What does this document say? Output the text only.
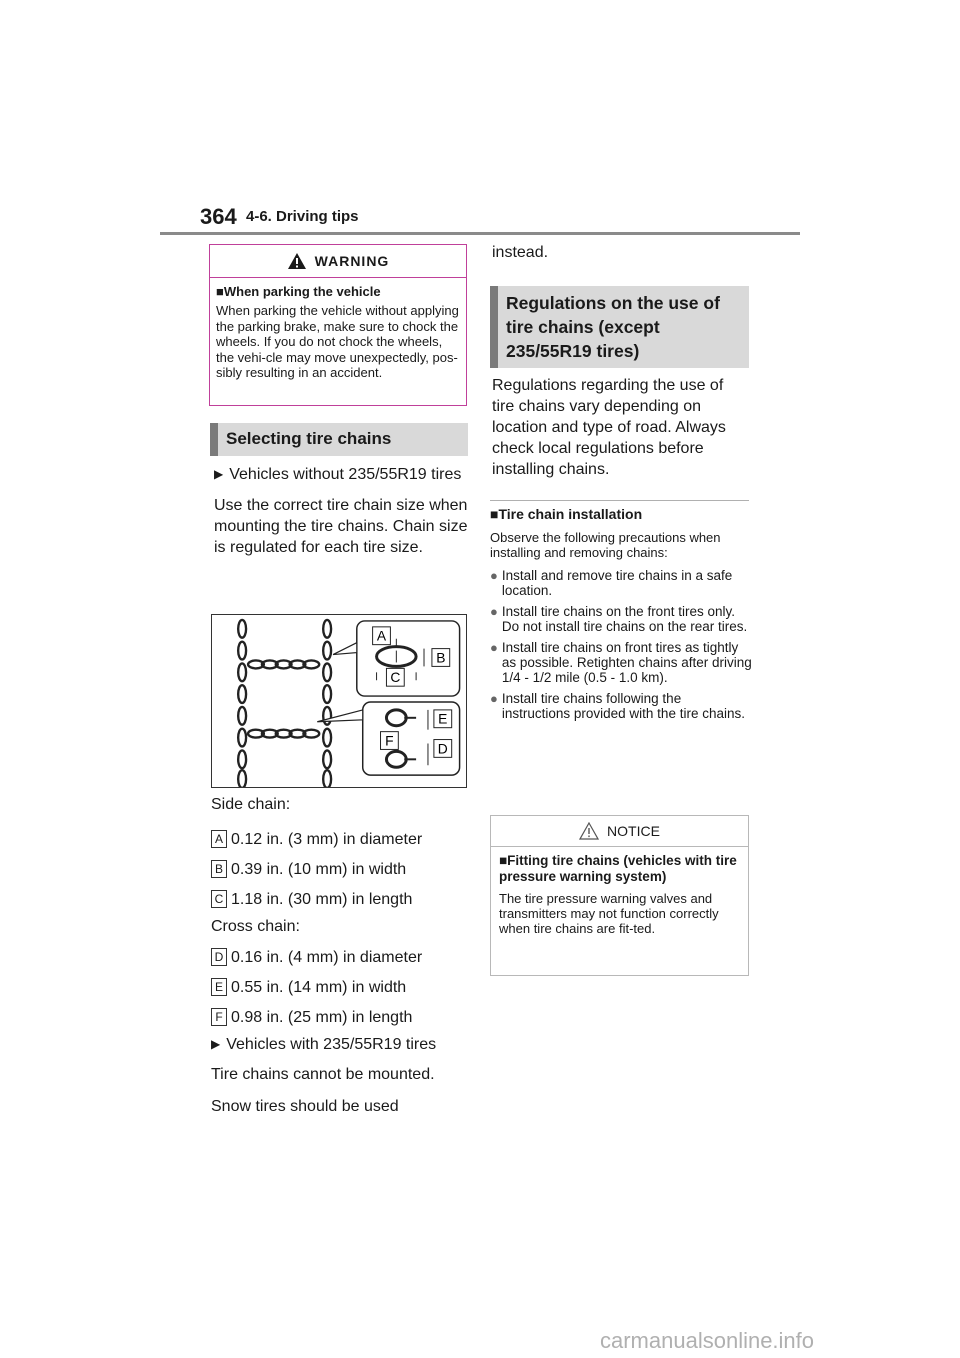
364 4-6. Driving tips
WARNING
■When parking the vehicle
When parking the vehicle without applying the parking brake, make sure to chock the wheels. If you do not chock the wheels, the vehi-cle may move unexpectedly, pos-sibly resulting in an accident.
Selecting tire chains
▶ Vehicles without 235/55R19 tires
Use the correct tire chain size when mounting the tire chains. Chain size is regulated for each tire size.
A
B
C
E
F	D
Side chain:
A 0.12 in. (3 mm) in diameter
B 0.39 in. (10 mm) in width
C 1.18 in. (30 mm) in length
Cross chain:
D 0.16 in. (4 mm) in diameter
E 0.55 in. (14 mm) in width
F 0.98 in. (25 mm) in length
▶ Vehicles with 235/55R19 tires
Tire chains cannot be mounted.
Snow tires should be used
instead.
Regulations on the use of tire chains (except 235/55R19 tires)
Regulations regarding the use of tire chains vary depending on location and type of road. Always check local regulations before installing chains.
■Tire chain installation
Observe the following precautions when installing and removing chains:
● Install and remove tire chains in a safe location.
● Install tire chains on the front tires only. Do not install tire chains on the rear tires.
● Install tire chains on front tires as tightly as possible. Retighten chains after driving 1/4 - 1/2 mile (0.5 - 1.0 km).
● Install tire chains following the instructions provided with the tire chains.
NOTICE
■Fitting tire chains (vehicles with tire pressure warning system)
The tire pressure warning valves and transmitters may not function correctly when tire chains are fit-ted.
carmanualsonline.info
